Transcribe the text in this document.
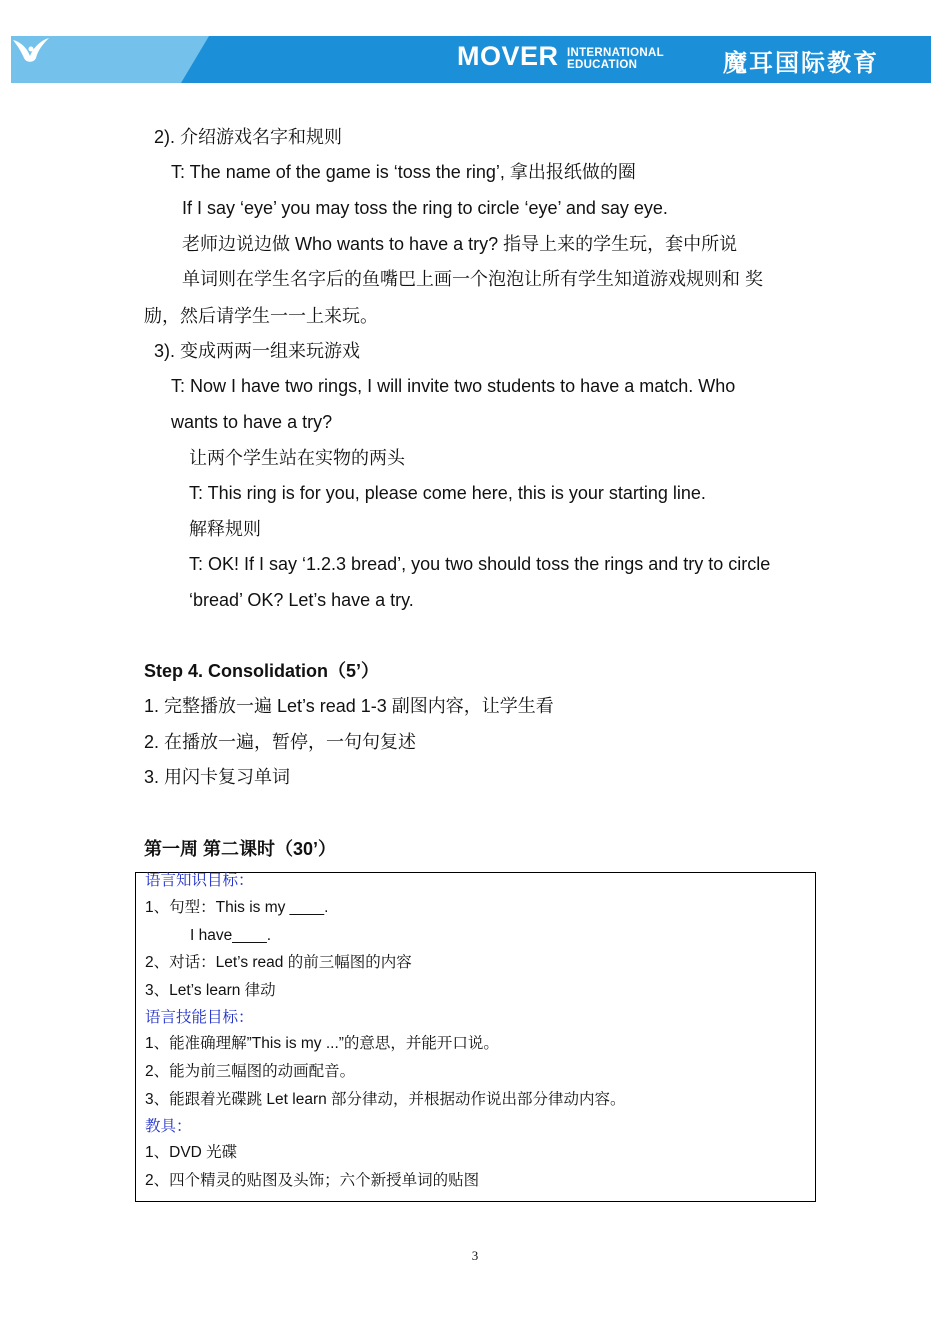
MOVER INTERNATIONAL
EDUCATION	魔耳国际教育
2). 介绍游戏名字和规则
T: The name of the game is ‘toss the ring’, 拿出报纸做的圈
If I say ‘eye’ you may toss the ring to circle ‘eye’ and say eye.
老师边说边做 Who wants to have a try? 指导上来的学生玩，套中所说
单词则在学生名字后的鱼嘴巴上画一个泡泡让所有学生知道游戏规则和 奖
励，然后请学生一一上来玩。
3). 变成两两一组来玩游戏
T: Now I have two rings, I will invite two students to have a match. Who
wants to have a try?
让两个学生站在实物的两头
T: This ring is for you, please come here, this is your starting line.
解释规则
T: OK! If I say ‘1.2.3 bread’, you two should toss the rings and try to circle
‘bread’ OK? Let’s have a try.
Step 4. Consolidation（5’）
1. 完整播放一遍 Let’s read 1-3 副图内容，让学生看
2. 在播放一遍，暂停，一句句复述
3. 用闪卡复习单词
第一周 第二课时（30’）
语言知识目标：
1、句型：This is my ____.
I have____.
2、对话：Let’s read 的前三幅图的内容
3、Let’s learn 律动
语言技能目标：
1、能准确理解”This is my ...”的意思，并能开口说。
2、能为前三幅图的动画配音。
3、能跟着光碟跳 Let learn 部分律动，并根据动作说出部分律动内容。
教具：
1、DVD 光碟
2、四个精灵的贴图及头饰；六个新授单词的贴图
3
